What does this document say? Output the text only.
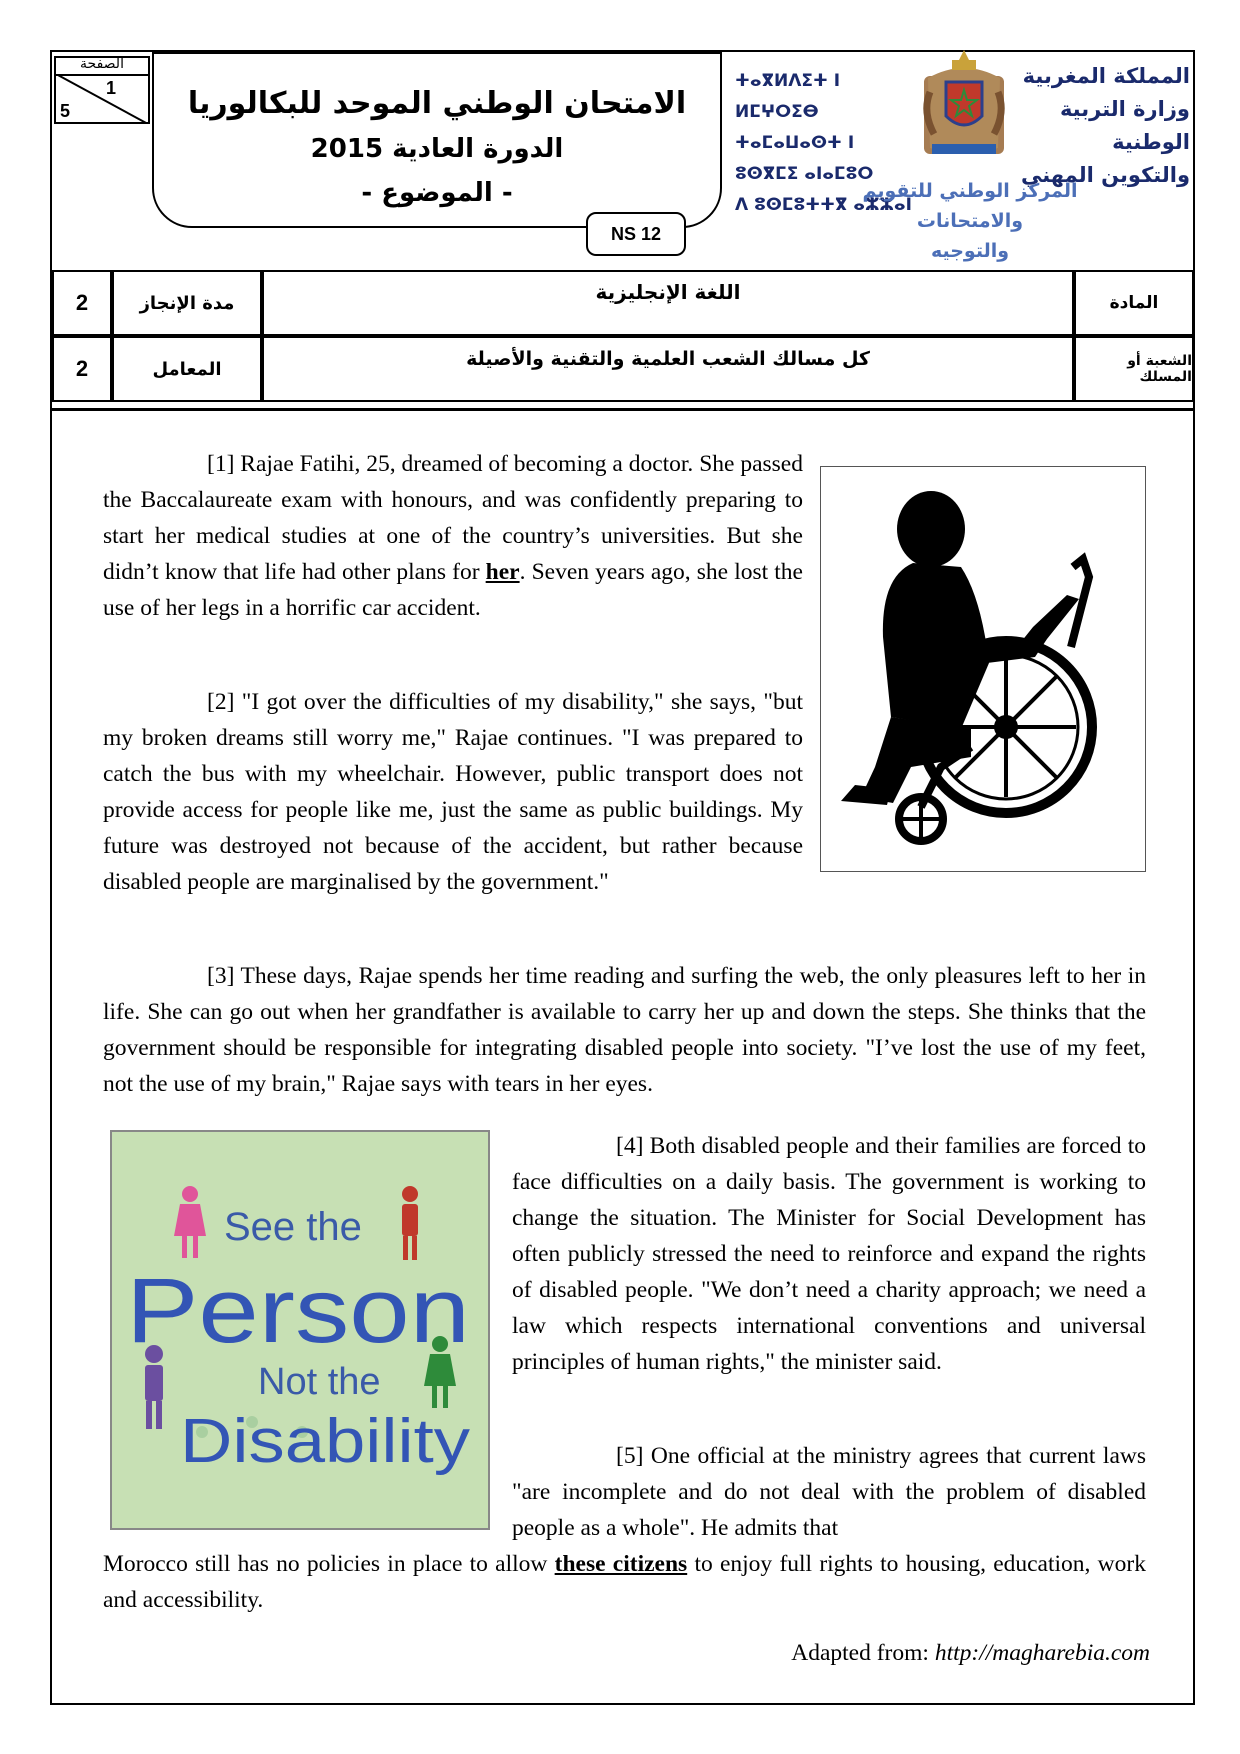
الصفحة
1
5	الامتحان الوطني الموحد للبكالوريا
الدورة العادية 2015
- الموضوع -
NS 12
ⵜⴰⴳⵍⴷⵉⵜ ⵏ ⵍⵎⵖⵔⵉⴱ
ⵜⴰⵎⴰⵡⴰⵙⵜ ⵏ ⵓⵙⴳⵎⵉ ⴰⵏⴰⵎⵓⵔ
ⴷ ⵓⵙⵎⵓⵜⵜⴳ ⴰⵣⵣⴰⵏ
المملكة المغربية
وزارة التربية الوطنية
والتكوين المهني
المركز الوطني للتقويم والامتحانات
والتوجيه
2	مدة الإنجاز	اللغة الإنجليزية	المادة
2	المعامل	كل مسالك الشعب العلمية والتقنية والأصيلة	الشعبة أو المسلك

[1] Rajae Fatihi, 25, dreamed of becoming a doctor. She passed the Baccalaureate exam with honours, and was confidently preparing to start her medical studies at one of the country’s universities. But she didn’t know that life had other plans for her. Seven years ago, she lost the use of her legs in a horrific car accident.

[2] "I got over the difficulties of my disability," she says, "but my broken dreams still worry me," Rajae continues. "I was prepared to catch the bus with my wheelchair. However, public transport does not provide access for people like me, just the same as public buildings. My future was destroyed not because of the accident, but rather because disabled people are marginalised by the government."

[3] These days, Rajae spends her time reading and surfing the web, the only pleasures left to her in life. She can go out when her grandfather is available to carry her up and down the steps. She thinks that the government should be responsible for integrating disabled people into society. "I’ve lost the use of my feet, not the use of my brain," Rajae says with tears in her eyes.

See the
Person
Not the
Disability

[4] Both disabled people and their families are forced to face difficulties on a daily basis. The government is working to change the situation. The Minister for Social Development has often publicly stressed the need to reinforce and expand the rights of disabled people. "We don’t need a charity approach; we need a law which respects international conventions and universal principles of human rights," the minister said.

[5] One official at the ministry agrees that current laws "are incomplete and do not deal with the problem of disabled people as a whole". He admits that

Morocco still has no policies in place to allow these citizens to enjoy full rights to housing, education, work and accessibility.

Adapted from: http://magharebia.com
